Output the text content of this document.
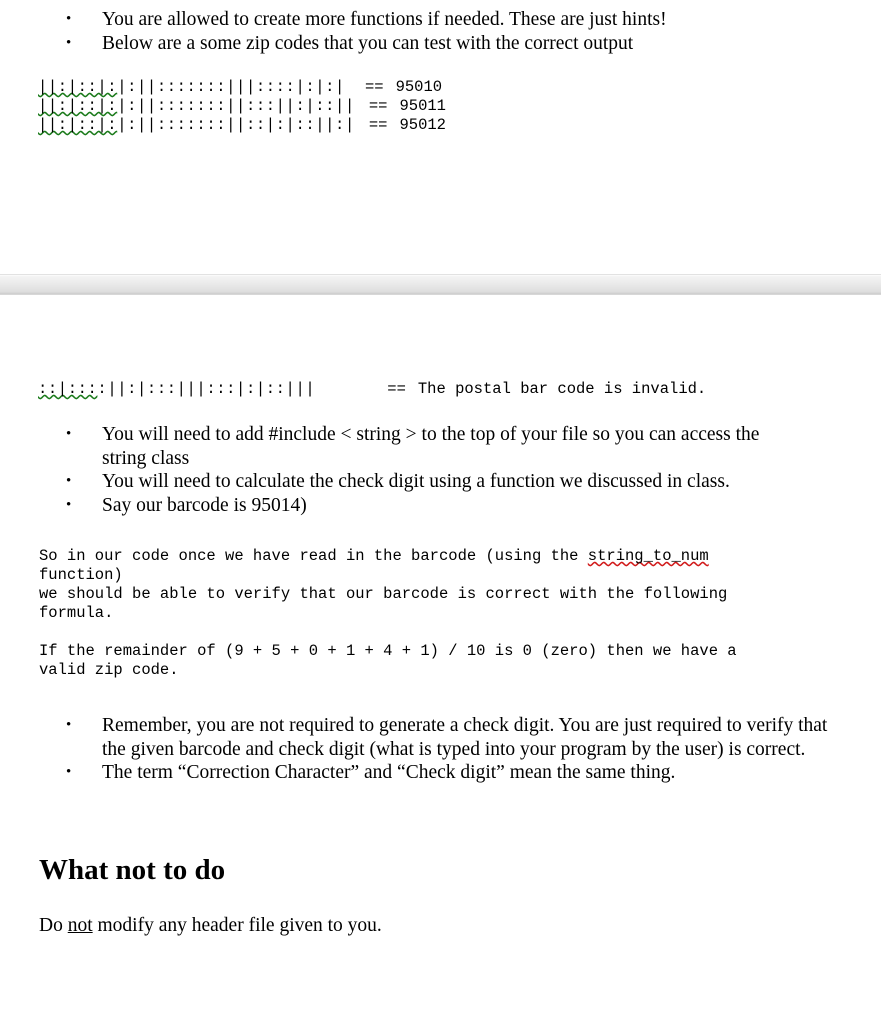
• You are allowed to create more functions if needed. These are just hints!
• Below are a some zip codes that you can test with the correct output
||:|::|:|:||:::::::|||::::|:|:| == 95010
||:|::|:|:||:::::::||:::||:|::|| == 95011
||:|::|:|:||:::::::||::|:|::||:| == 95012
::|::::||:|:::|||:::|:|::|||	== The postal bar code is invalid.
• You will need to add #include < string > to the top of your file so you can access the string class
• You will need to calculate the check digit using a function we discussed in class.
• Say our barcode is 95014)
So in our code once we have read in the barcode (using the string_to_num
function)
we should be able to verify that our barcode is correct with the following
formula.
If the remainder of (9 + 5 + 0 + 1 + 4 + 1) / 10 is 0 (zero) then we have a
valid zip code.
• Remember, you are not required to generate a check digit. You are just required to verify that the given barcode and check digit (what is typed into your program by the user) is correct.
• The term “Correction Character” and “Check digit” mean the same thing.
What not to do

Do not modify any header file given to you.
